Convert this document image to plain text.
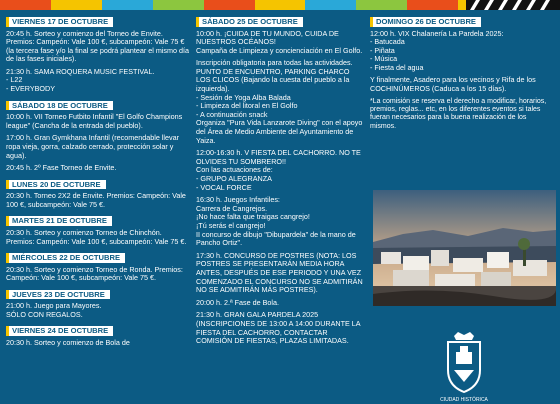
VIERNES 17 DE OCTUBRE

20:45 h. Sorteo y comienzo del Torneo de Envite. Premios: Campeón: Vale 100 €, subcampeón: Vale 75 € (la tercera fase y/o la final se podrá plantear el mismo día de las fases iniciales).
21:30 h. SAMA ROQUERA MUSIC FESTIVAL.
- L22
- EVERYBODY
SÁBADO 18 DE OCTUBRE

10:00 h. VII Torneo Futbito Infantil "El Golfo Champions league" (Cancha de la entrada del pueblo).
17:00 h. Gran Gymkhana Infantil (recomendable llevar ropa vieja, gorra, calzado cerrado, protección solar y agua).
20:45 h. 2º Fase Torneo de Envite.
LUNES 20 DE OCTUBRE

20:30 h. Torneo 2X2 de Envite. Premios: Campeón: Vale 100 €, subcampeón: Vale 75 €.
MARTES 21 DE OCTUBRE

20:30 h. Sorteo y comienzo Torneo de Chinchón. Premios: Campeón: Vale 100 €, subcampeón: Vale 75 €.
MIÉRCOLES 22 DE OCTUBRE

20:30 h. Sorteo y comienzo Torneo de Ronda. Premios: Campeón: Vale 100 €, subcampeón: Vale 75 €.
JUEVES 23 DE OCTUBRE

21:00 h. Juego para Mayores.
SÓLO CON REGALOS.
VIERNES 24 DE OCTUBRE

20:30 h. Sorteo y comienzo de Bola de
SÁBADO 25 DE OCTUBRE

10:00 h. ¡CUIDA DE TU MUNDO, CUIDA DE NUESTROS OCÉANOS!
Campaña de Limpieza y concienciación en El Golfo.
Inscripción obligatoria para todas las actividades.
PUNTO DE ENCUENTRO, PARKING CHARCO LOS CLICOS (Bajando la cuesta del pueblo a la izquierda).
- Sesión de Yoga Alba Balada
- Limpieza del litoral en El Golfo
- A continuación snack
Organiza "Pura Vida Lanzarote Diving" con el apoyo del Área de Medio Ambiente del Ayuntamiento de Yaiza.
12:00-16:30 h. V FIESTA DEL CACHORRO. NO TE OLVIDES TU SOMBRERO!!
Con las actuaciones de:
- GRUPO ALEGRANZA
- VOCAL FORCE
16:30 h. Juegos Infantiles:
Carrera de Cangrejos.
¡No hace falta que traigas cangrejo!
¡Tú serás el cangrejo!
II concurso de dibujo "Dibupardela" de la mano de Pancho Ortiz".
17:30 h. CONCURSO DE POSTRES (NOTA: LOS POSTRES SE PRESENTARÁN MEDIA HORA ANTES, DESPUÉS DE ESE PERIODO Y UNA VEZ COMENZADO EL CONCURSO NO SE ADMITIRÁN NO SE ADMITIRÁN MÁS POSTRES).
20:00 h. 2.ª Fase de Bola.
21:30 h. GRAN GALA PARDELA 2025 (INSCRIPCIONES DE 13:00 A 14:00 DURANTE LA FIESTA DEL CACHORRO, CONTACTAR COMISIÓN DE FIESTAS, PLAZAS LIMITADAS.
DOMINGO 26 DE OCTUBRE

12:00 h. VIX Chalanería La Pardela 2025:
- Batucada
- Piñata
- Música
- Fiesta del agua
Y finalmente, Asadero para los vecinos y Rifa de los COCHINÚMEROS (Caduca a los 15 días).
*La comisión se reserva el derecho a modificar, horarios, premios, reglas... etc, en los diferentes eventos si tales fueran necesarios para la buena realización de los mismos.
CIUDAD HISTÓRICA
